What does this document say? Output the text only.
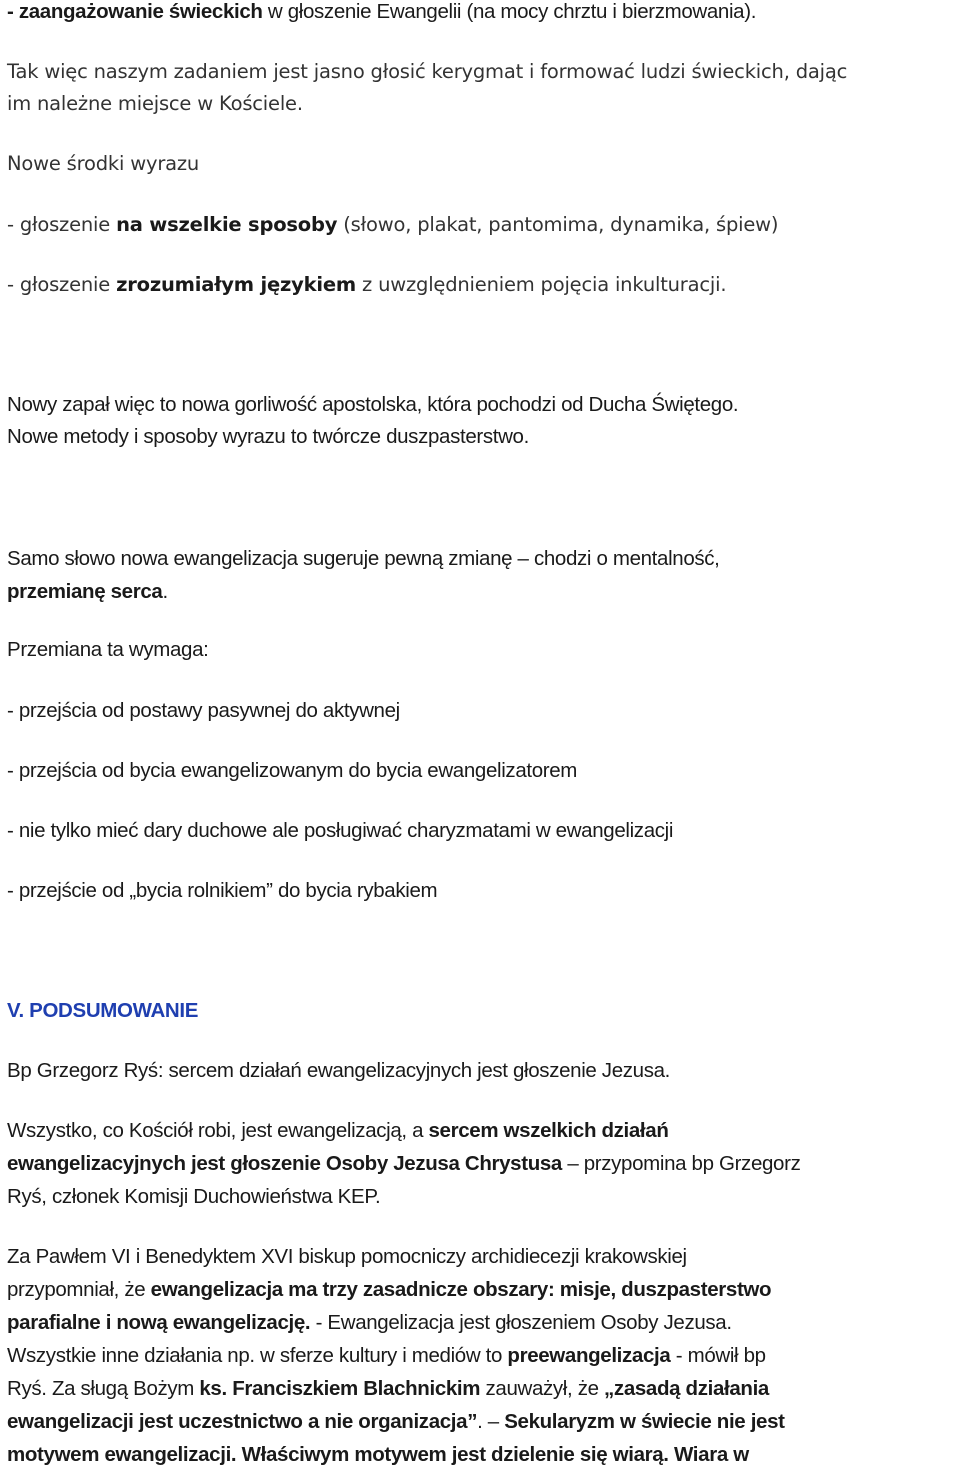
- zaangażowanie świeckich w głoszenie Ewangelii (na mocy chrztu i bierzmowania).

Tak więc naszym zadaniem jest jasno głosić kerygmat i formować ludzi świeckich, dając

im należne miejsce w Kościele.

Nowe środki wyrazu

- głoszenie na wszelkie sposoby (słowo, plakat, pantomima, dynamika, śpiew)

- głoszenie zrozumiałym językiem z uwzględnieniem pojęcia inkulturacji.

Nowy zapał więc to nowa gorliwość apostolska, która pochodzi od Ducha Świętego.

Nowe metody i sposoby wyrazu to twórcze duszpasterstwo.

Samo słowo nowa ewangelizacja sugeruje pewną zmianę – chodzi o mentalność,

przemianę serca.

Przemiana ta wymaga:

- przejścia od postawy pasywnej do aktywnej

- przejścia od bycia ewangelizowanym do bycia ewangelizatorem

- nie tylko mieć dary duchowe ale posługiwać charyzmatami w ewangelizacji

- przejście od „bycia rolnikiem” do bycia rybakiem

V. PODSUMOWANIE

Bp Grzegorz Ryś: sercem działań ewangelizacyjnych jest głoszenie Jezusa.

Wszystko, co Kościół robi, jest ewangelizacją, a sercem wszelkich działań

ewangelizacyjnych jest głoszenie Osoby Jezusa Chrystusa – przypomina bp Grzegorz

Ryś, członek Komisji Duchowieństwa KEP.

Za Pawłem VI i Benedyktem XVI biskup pomocniczy archidiecezji krakowskiej

przypomniał, że ewangelizacja ma trzy zasadnicze obszary: misje, duszpasterstwo

parafialne i nową ewangelizację. - Ewangelizacja jest głoszeniem Osoby Jezusa.

Wszystkie inne działania np. w sferze kultury i mediów to preewangelizacja - mówił bp

Ryś. Za sługą Bożym ks. Franciszkiem Blachnickim zauważył, że „zasadą działania

ewangelizacji jest uczestnictwo a nie organizacja”. – Sekularyzm w świecie nie jest

motywem ewangelizacji. Właściwym motywem jest dzielenie się wiarą. Wiara w
